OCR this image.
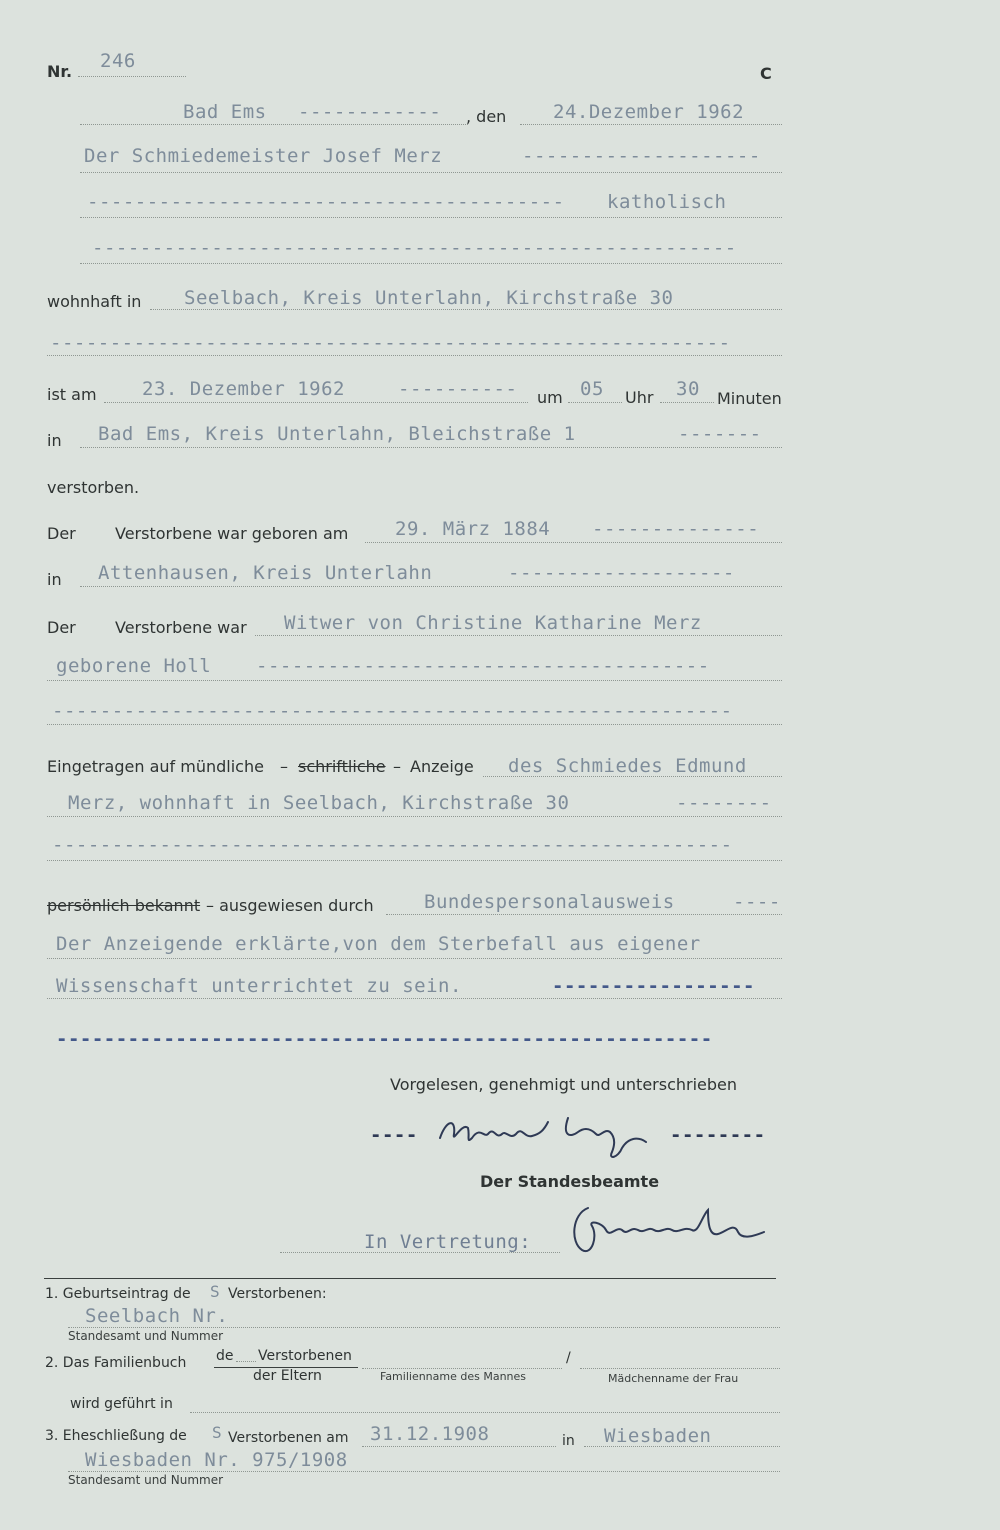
Nr. 246
C
Bad Ems ------------	, den 24.Dezember 1962
Der Schmiedemeister Josef Merz	--------------------
----------------------------------------	katholisch
------------------------------------------------------
wohnhaft in Seelbach, Kreis Unterlahn, Kirchstraße 30
---------------------------------------------------------
ist am 23. Dezember 1962	---------- um 05 Uhr 30 Minuten
in Bad Ems, Kreis Unterlahn, Bleichstraße 1	-------
verstorben.
Der Verstorbene war geboren am 29. März 1884 --------------
in Attenhausen, Kreis Unterlahn	-------------------
Der Verstorbene war Witwer von Christine Katharine Merz
geborene Holl --------------------------------------
---------------------------------------------------------
Eingetragen auf mündliche – schriftliche – Anzeige des Schmiedes Edmund
Merz, wohnhaft in Seelbach, Kirchstraße 30	--------
---------------------------------------------------------
persönlich bekannt – ausgewiesen durch	Bundespersonalausweis	----
Der Anzeigende erklärte,von dem Sterbefall aus eigener
Wissenschaft unterrichtet zu sein.	-----------------
-------------------------------------------------------
Vorgelesen, genehmigt und unterschrieben
----	--------
Der Standesbeamte
In Vertretung:
1. Geburtseintrag de S Verstorbenen:
Seelbach Nr.
Standesamt und Nummer
2. Das Familienbuch de Verstorbenen
der Eltern
/
Familienname des Mannes	Mädchenname der Frau
wird geführt in
3. Eheschließung de S Verstorbenen am 31.12.1908	in Wiesbaden
Wiesbaden Nr. 975/1908
Standesamt und Nummer
